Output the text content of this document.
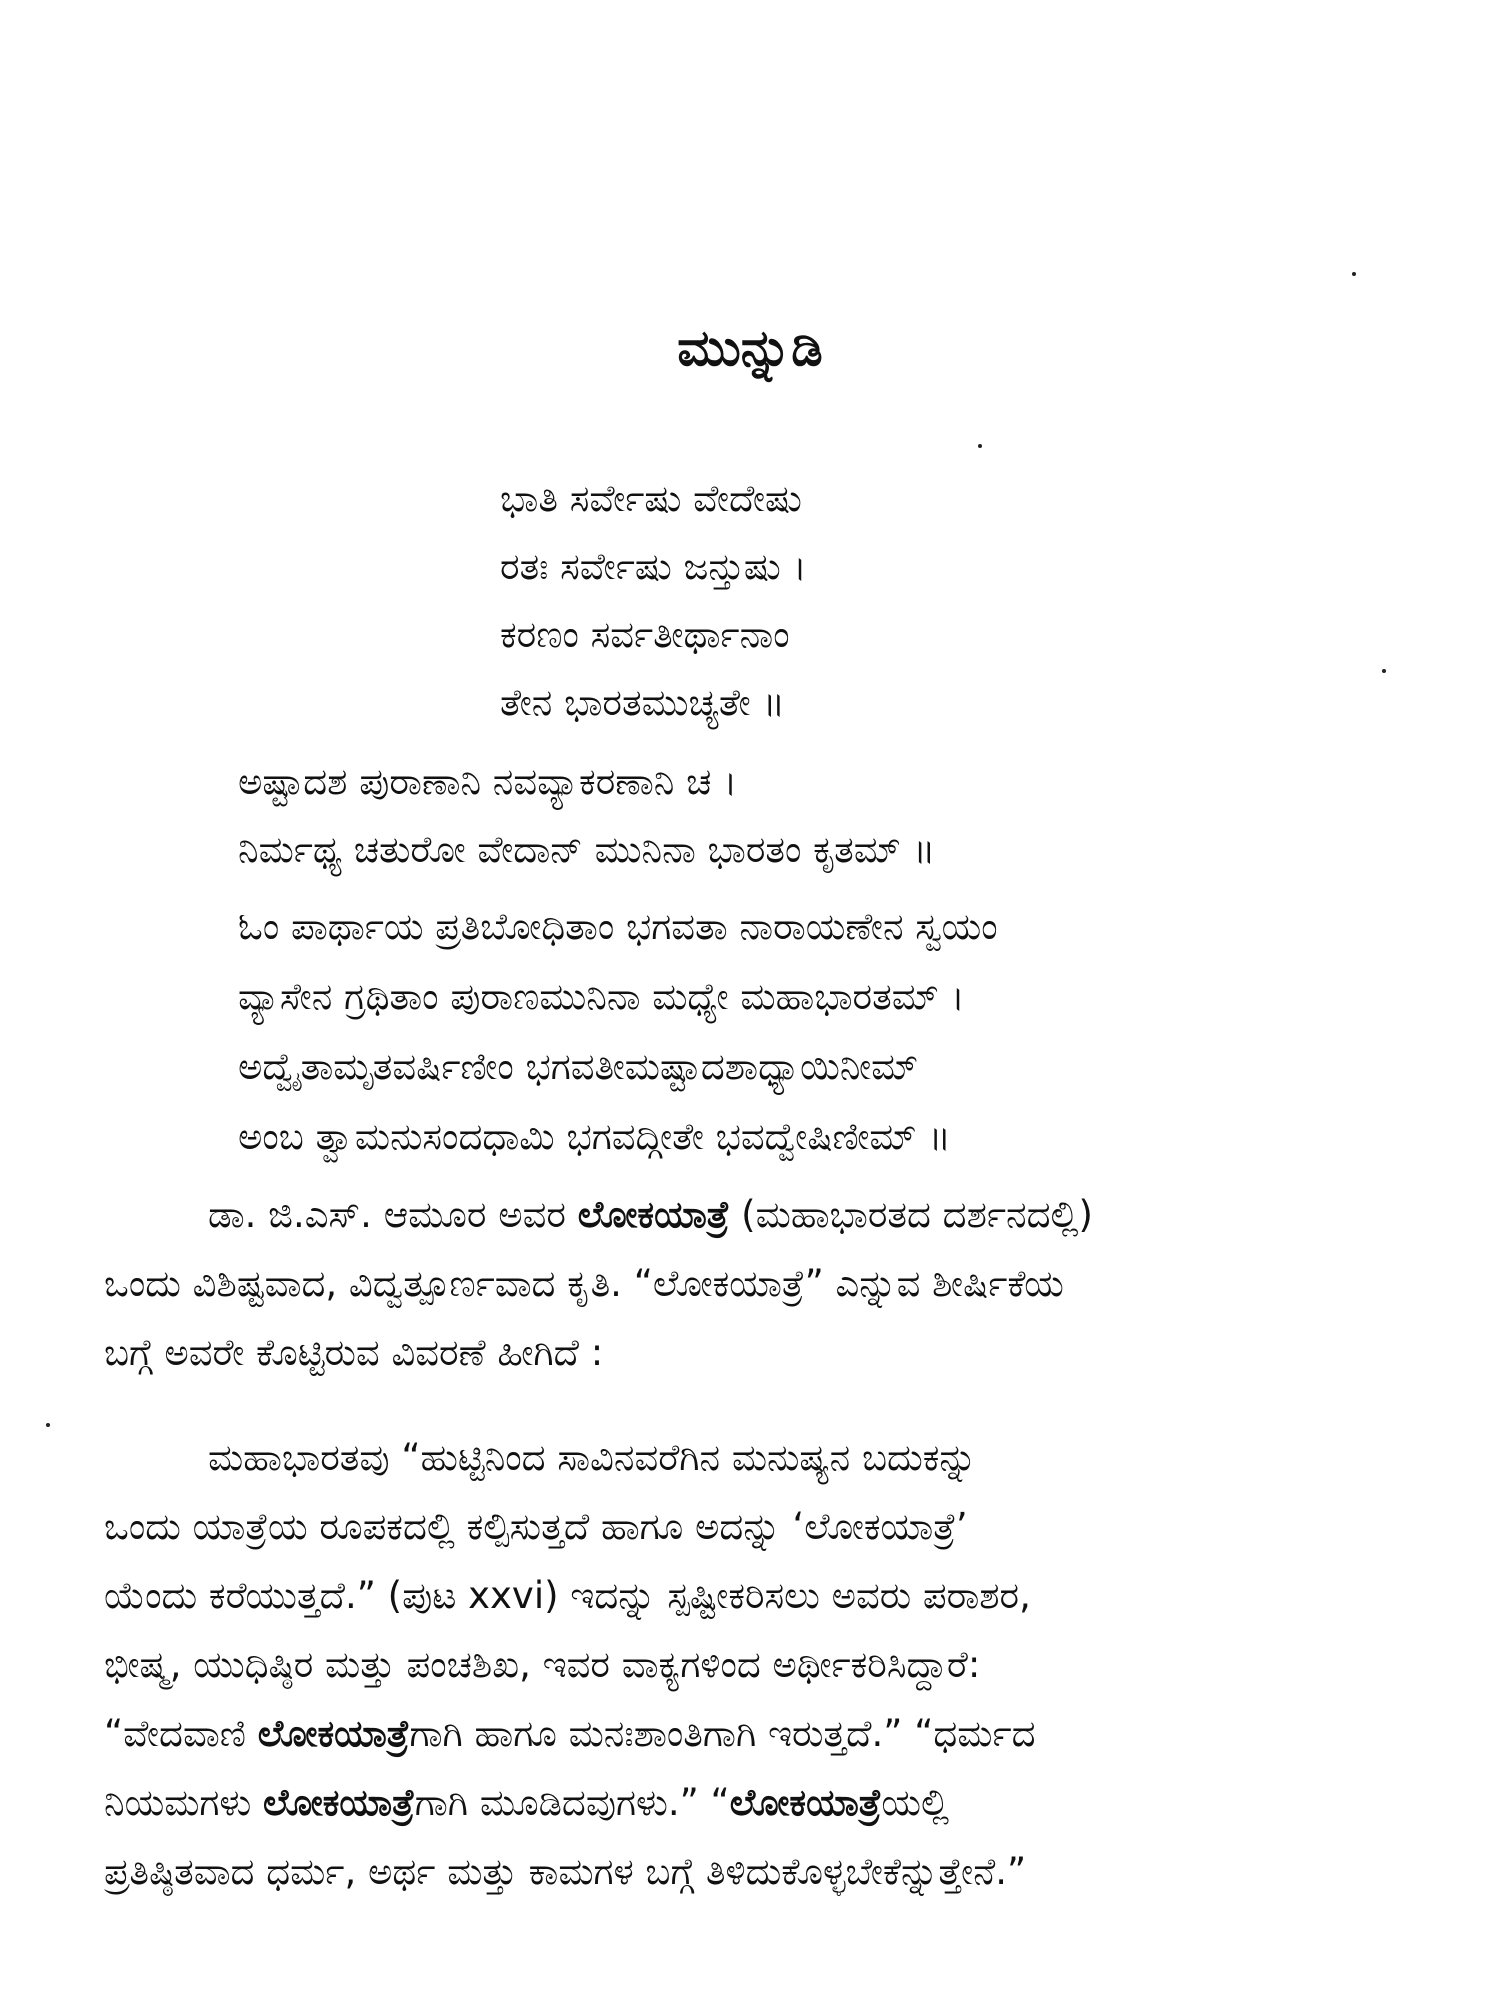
ಮುನ್ನುಡಿ
ಭಾತಿ ಸರ್ವೇಷು ವೇದೇಷು
ರತಃ ಸರ್ವೇಷು ಜನ್ತುಷು ।
ಕರಣಂ ಸರ್ವತೀರ್ಥಾನಾಂ
ತೇನ ಭಾರತಮುಚ್ಯತೇ ॥
ಅಷ್ಟಾದಶ ಪುರಾಣಾನಿ ನವವ್ಯಾಕರಣಾನಿ ಚ ।
ನಿರ್ಮಥ್ಯ ಚತುರೋ ವೇದಾನ್ ಮುನಿನಾ ಭಾರತಂ ಕೃತಮ್ ॥
ಓಂ ಪಾರ್ಥಾಯ ಪ್ರತಿಬೋಧಿತಾಂ ಭಗವತಾ ನಾರಾಯಣೇನ ಸ್ವಯಂ
ವ್ಯಾಸೇನ ಗ್ರಥಿತಾಂ ಪುರಾಣಮುನಿನಾ ಮಧ್ಯೇ ಮಹಾಭಾರತಮ್ ।
ಅದ್ವೈತಾಮೃತವರ್ಷಿಣೀಂ ಭಗವತೀಮಷ್ಟಾದಶಾಧ್ಯಾಯಿನೀಮ್
ಅಂಬ ತ್ವಾಮನುಸಂದಧಾಮಿ ಭಗವದ್ಗೀತೇ ಭವದ್ವೇಷಿಣೀಮ್ ॥
ಡಾ. ಜಿ.ಎಸ್. ಆಮೂರ ಅವರ ಲೋಕಯಾತ್ರೆ (ಮಹಾಭಾರತದ ದರ್ಶನದಲ್ಲಿ)
ಒಂದು ವಿಶಿಷ್ಟವಾದ, ವಿದ್ವತ್ಪೂರ್ಣವಾದ ಕೃತಿ. “ಲೋಕಯಾತ್ರೆ” ಎನ್ನುವ ಶೀರ್ಷಿಕೆಯ
ಬಗ್ಗೆ ಅವರೇ ಕೊಟ್ಟಿರುವ ವಿವರಣೆ ಹೀಗಿದೆ :
ಮಹಾಭಾರತವು “ಹುಟ್ಟಿನಿಂದ ಸಾವಿನವರೆಗಿನ ಮನುಷ್ಯನ ಬದುಕನ್ನು
ಒಂದು ಯಾತ್ರೆಯ ರೂಪಕದಲ್ಲಿ ಕಲ್ಪಿಸುತ್ತದೆ ಹಾಗೂ ಅದನ್ನು ‘ಲೋಕಯಾತ್ರೆ’
ಯೆಂದು ಕರೆಯುತ್ತದೆ.” (ಪುಟ xxvi) ಇದನ್ನು ಸ್ಪಷ್ಟೀಕರಿಸಲು ಅವರು ಪರಾಶರ,
ಭೀಷ್ಮ, ಯುಧಿಷ್ಠಿರ ಮತ್ತು ಪಂಚಶಿಖ, ಇವರ ವಾಕ್ಯಗಳಿಂದ ಅರ್ಥೀಕರಿಸಿದ್ದಾರೆ:
“ವೇದವಾಣಿ ಲೋಕಯಾತ್ರೆಗಾಗಿ ಹಾಗೂ ಮನಃಶಾಂತಿಗಾಗಿ ಇರುತ್ತದೆ.” “ಧರ್ಮದ
ನಿಯಮಗಳು ಲೋಕಯಾತ್ರೆಗಾಗಿ ಮೂಡಿದವುಗಳು.” “ಲೋಕಯಾತ್ರೆಯಲ್ಲಿ
ಪ್ರತಿಷ್ಠಿತವಾದ ಧರ್ಮ, ಅರ್ಥ ಮತ್ತು ಕಾಮಗಳ ಬಗ್ಗೆ ತಿಳಿದುಕೊಳ್ಳಬೇಕೆನ್ನುತ್ತೇನೆ.”
